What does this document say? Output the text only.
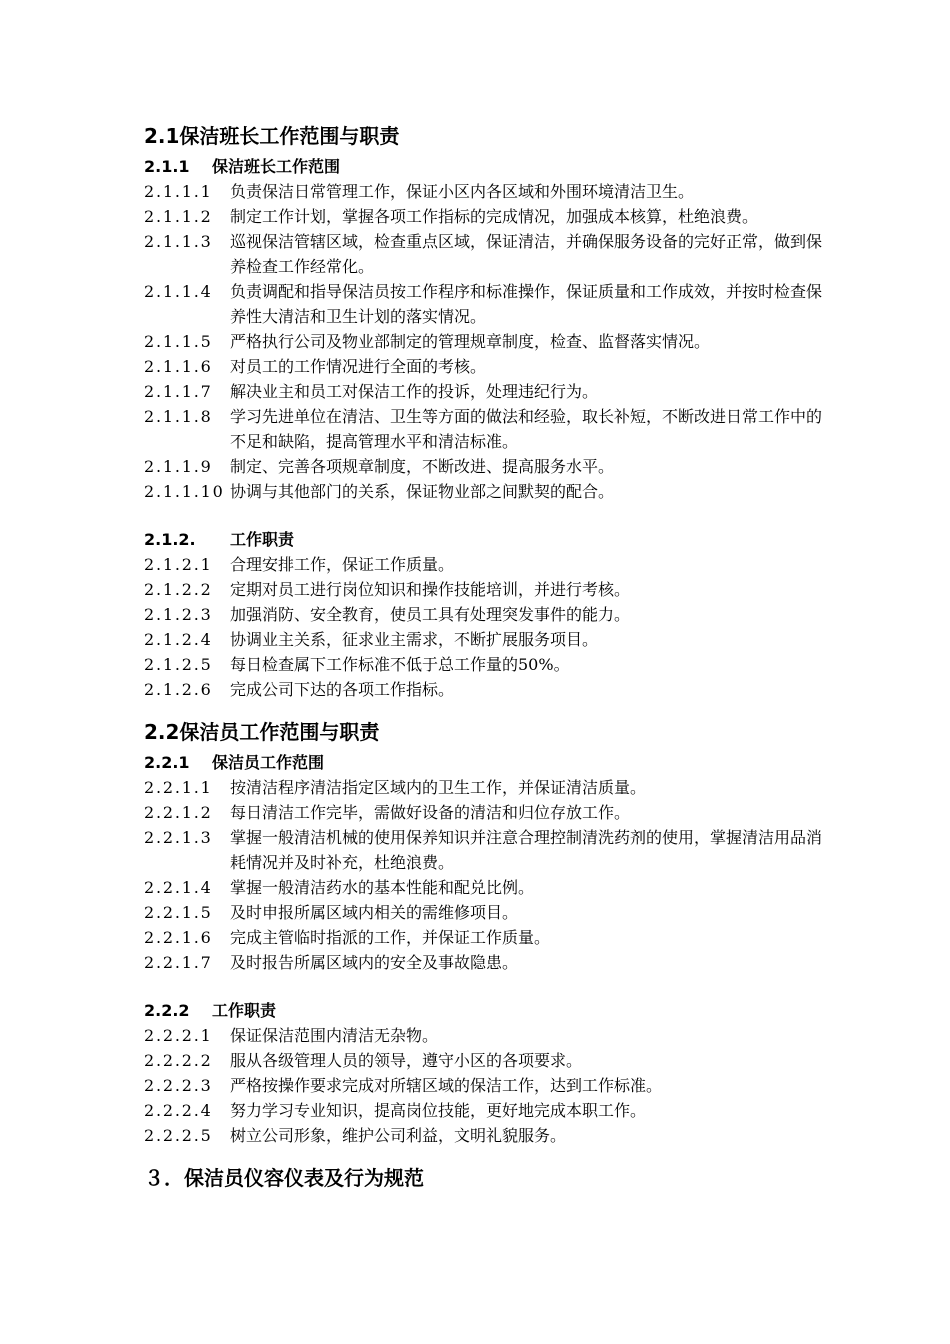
2.1保洁班长工作范围与职责
2.1.1	保洁班长工作范围
2.1.1.1	负责保洁日常管理工作，保证小区内各区域和外围环境清洁卫生。
2.1.1.2	制定工作计划，掌握各项工作指标的完成情况，加强成本核算，杜绝浪费。
2.1.1.3	巡视保洁管辖区域，检查重点区域，保证清洁，并确保服务设备的完好正常，做到保养检查工作经常化。
2.1.1.4	负责调配和指导保洁员按工作程序和标准操作，保证质量和工作成效，并按时检查保养性大清洁和卫生计划的落实情况。
2.1.1.5	严格执行公司及物业部制定的管理规章制度，检查、监督落实情况。
2.1.1.6	对员工的工作情况进行全面的考核。
2.1.1.7	解决业主和员工对保洁工作的投诉，处理违纪行为。
2.1.1.8	学习先进单位在清洁、卫生等方面的做法和经验，取长补短，不断改进日常工作中的不足和缺陷，提高管理水平和清洁标准。
2.1.1.9	制定、完善各项规章制度，不断改进、提高服务水平。
2.1.1.10 协调与其他部门的关系，保证物业部之间默契的配合。
2.1.2.	工作职责
2.1.2.1	合理安排工作，保证工作质量。
2.1.2.2	定期对员工进行岗位知识和操作技能培训，并进行考核。
2.1.2.3	加强消防、安全教育，使员工具有处理突发事件的能力。
2.1.2.4	协调业主关系，征求业主需求，不断扩展服务项目。
2.1.2.5	每日检查属下工作标准不低于总工作量的50%。
2.1.2.6	完成公司下达的各项工作指标。
2.2保洁员工作范围与职责
2.2.1	保洁员工作范围
2.2.1.1	按清洁程序清洁指定区域内的卫生工作，并保证清洁质量。
2.2.1.2	每日清洁工作完毕，需做好设备的清洁和归位存放工作。
2.2.1.3	掌握一般清洁机械的使用保养知识并注意合理控制清洗药剂的使用，掌握清洁用品消耗情况并及时补充，杜绝浪费。
2.2.1.4	掌握一般清洁药水的基本性能和配兑比例。
2.2.1.5	及时申报所属区域内相关的需维修项目。
2.2.1.6	完成主管临时指派的工作，并保证工作质量。
2.2.1.7	及时报告所属区域内的安全及事故隐患。
2.2.2	工作职责
2.2.2.1	保证保洁范围内清洁无杂物。
2.2.2.2	服从各级管理人员的领导，遵守小区的各项要求。
2.2.2.3	严格按操作要求完成对所辖区域的保洁工作，达到工作标准。
2.2.2.4	努力学习专业知识，提高岗位技能，更好地完成本职工作。
2.2.2.5	树立公司形象，维护公司利益，文明礼貌服务。
３．保洁员仪容仪表及行为规范
